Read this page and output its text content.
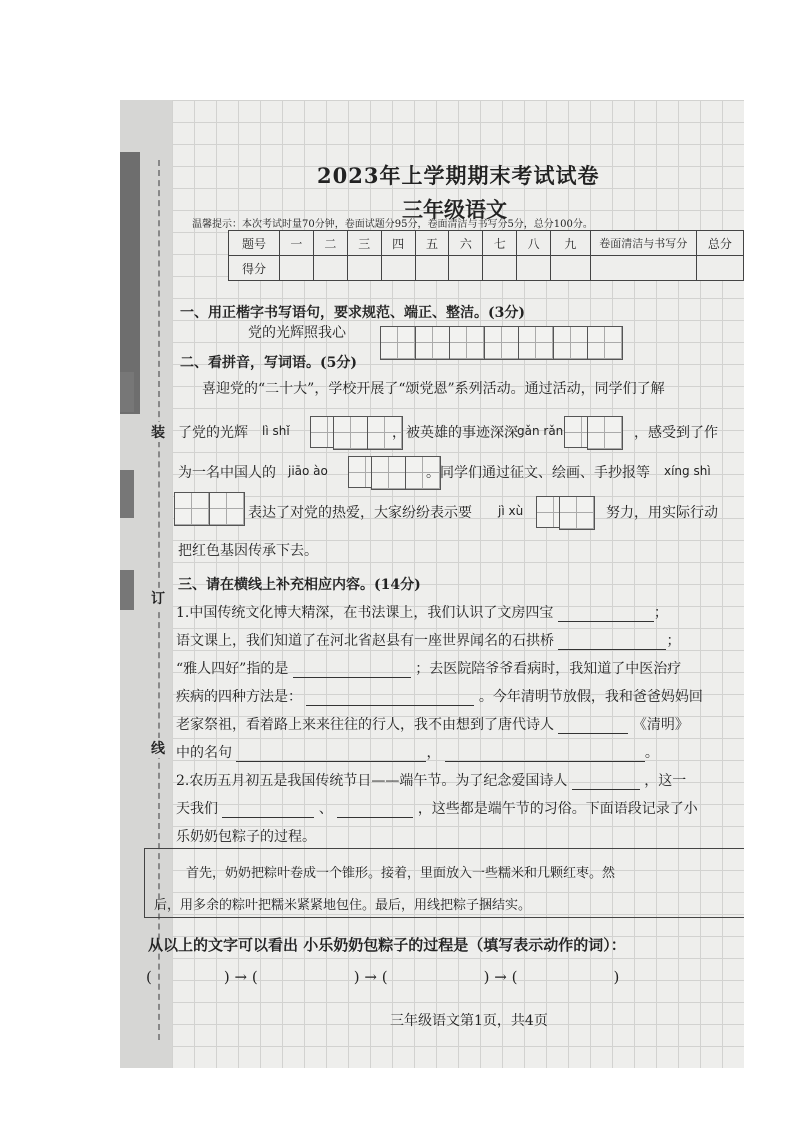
装
订
线
2023年上学期期末考试试卷
三年级语文
温馨提示：本次考试时量70分钟，卷面试题分95分，卷面清洁与书写分5分，总分100分。
题号	一	二	三	四	五	六	七	八	九	卷面清洁与书写分	总分
得分											
一、用正楷字书写语句，要求规范、端正、整洁。(3分)
党的光辉照我心
二、看拼音，写词语。(5分)
喜迎党的“二十大”，学校开展了“颂党恩”系列活动。通过活动，同学们了解
了党的光辉 lì shǐ	，被英雄的事迹深深 gǎn rǎn	，感受到了作
为一名中国人的 jiāo ào	。同学们通过征文、绘画、手抄报等 xíng shì
表达了对党的热爱，大家纷纷表示要 jì xù	努力，用实际行动
把红色基因传承下去。
三、请在横线上补充相应内容。(14分)
1.中国传统文化博大精深，在书法课上，我们认识了文房四宝	；
语文课上，我们知道了在河北省赵县有一座世界闻名的石拱桥	；
“雅人四好”指的是	；去医院陪爷爷看病时，我知道了中医治疗
疾病的四种方法是：	。今年清明节放假，我和爸爸妈妈回
老家祭祖，看着路上来来往往的行人，我不由想到了唐代诗人	《清明》
中的名句	，	。
2.农历五月初五是我国传统节日——端午节。为了纪念爱国诗人	，这一
天我们	、	，这些都是端午节的习俗。下面语段记录了小
乐奶奶包粽子的过程。
首先，奶奶把粽叶卷成一个锥形。接着，里面放入一些糯米和几颗红枣。然
后，用多余的粽叶把糯米紧紧地包住。最后，用线把粽子捆结实。
从以上的文字可以看出 小乐奶奶包粽子的过程是（填写表示动作的词）：
(	) → (	) → (	) → (	)
三年级语文第1页，共4页
